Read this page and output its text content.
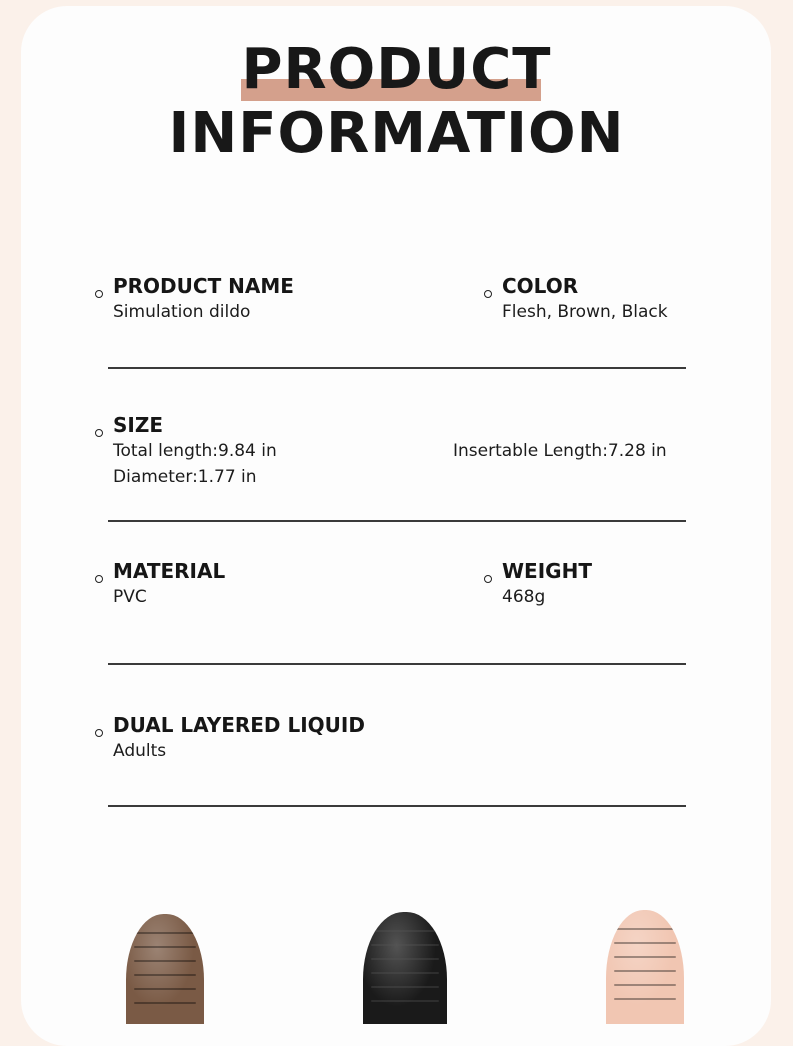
PRODUCT
INFORMATION
PRODUCT NAME
Simulation dildo
COLOR
Flesh, Brown, Black
SIZE
Total length:9.84 in
Diameter:1.77 in
Insertable Length:7.28 in
MATERIAL
PVC
WEIGHT
468g
DUAL LAYERED LIQUID
Adults
